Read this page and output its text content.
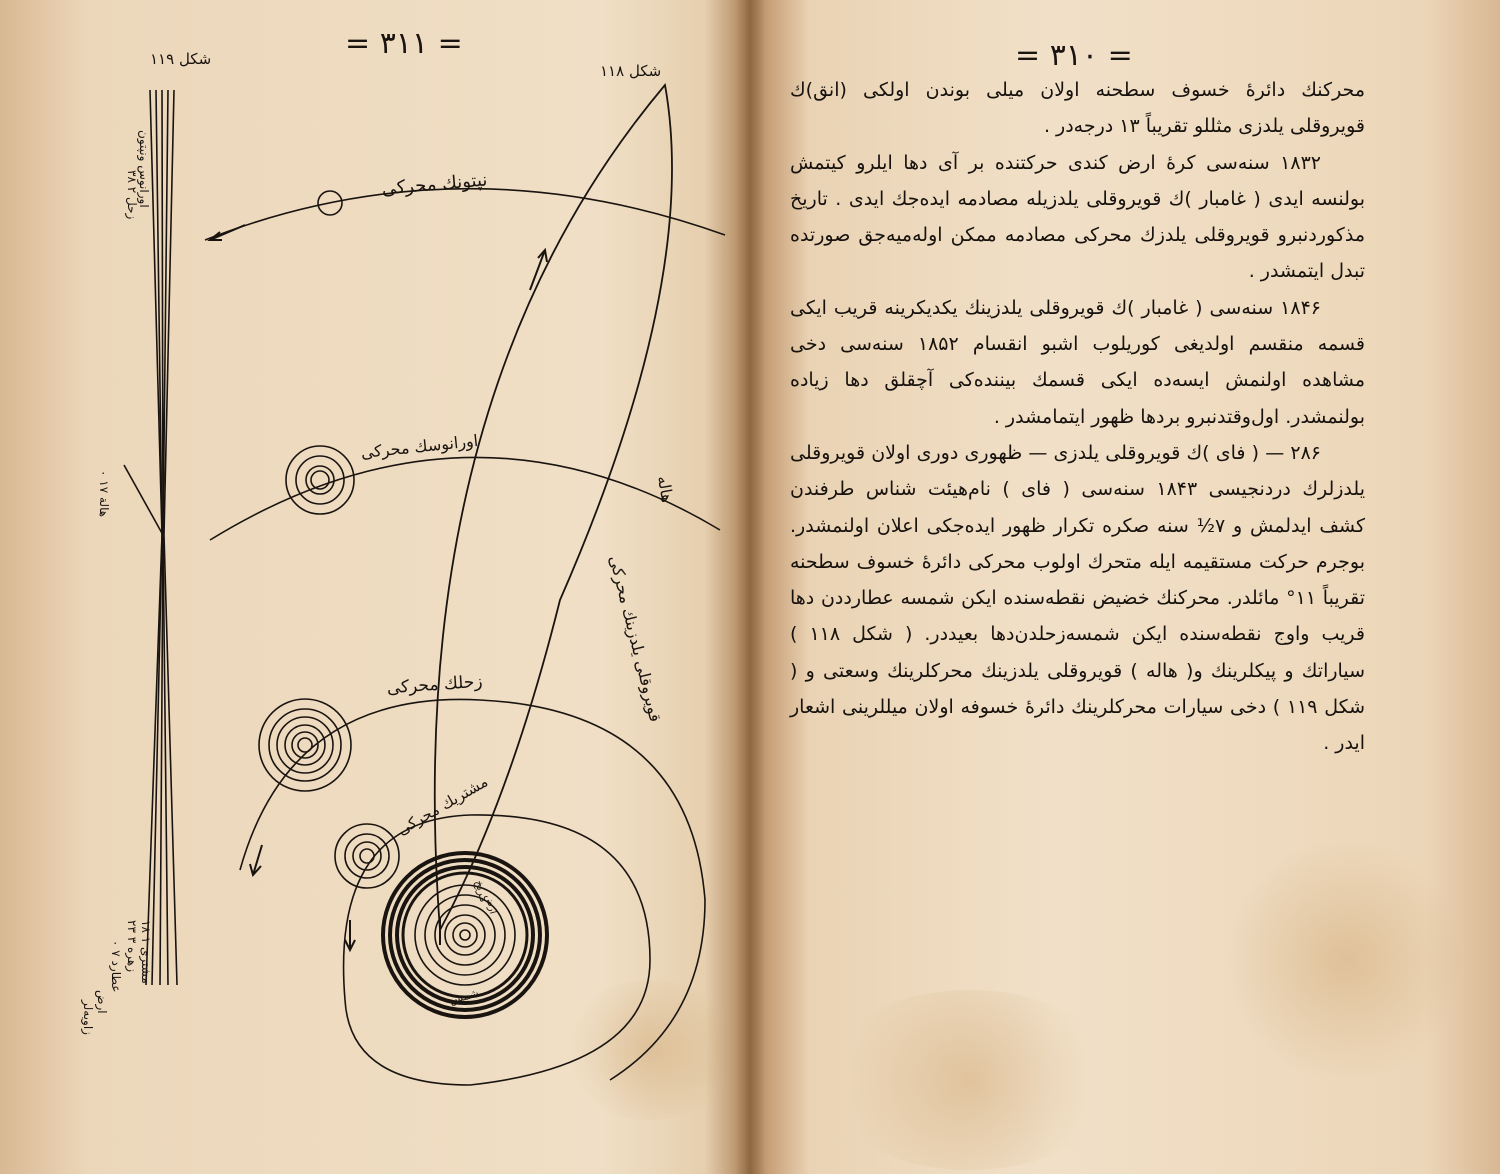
= ۳۱۱ =
شکل ۱۱۹
شکل ۱۱۸
نپتونك محرکی
اورانوسك محرکی
زحلك محرکی
مشتریك محرکی
مریخ
ارض
هاله
قویروقلی یلدزینك محرکی
شمس
اورانوس ونپتون
زحل ۲ ۳۸
هالة ۱۷ ۰
زهره ۳ ۲۳
عطارد ۷ ۰
مشتری ۱ ۱۸
ارض
زاویه‌لر
= ۳۱۰ =

محرکنك دائرۀ خسوف سطحنه اولان میلی بوندن اولکی (انق)ك قویروقلی یلدزی مثللو تقریباً ۱۳ درجه‌در .

۱۸۳۲ سنه‌سی کرۀ ارض کندی حرکتنده بر آی دها ایلرو کیتمش بولنسه ایدی ( غامبار )ك قویروقلی یلدزیله مصادمه ایده‌جك ایدی . تاریخ مذکوردنبرو قویروقلی یلدزك محرکی مصادمه ممکن اوله‌میه‌جق صورتده تبدل ایتمشدر .

۱۸۴۶ سنه‌سی ( غامبار )ك قویروقلی یلدزینك یکدیکرینه قریب ایکی قسمه منقسم اولدیغی کوریلوب اشبو انقسام ۱۸۵۲ سنه‌سی دخی مشاهده اولنمش ایسه‌ده ایکی قسمك بیننده‌کی آچقلق دها زیاده بولنمشدر. اول‌وقتدنبرو بردها ظهور ایتمامشدر .

۲۸۶ — ( فای )ك قویروقلی یلدزی — ظهوری دوری اولان قویروقلی یلدزلرك دردنجیسی ۱۸۴۳ سنه‌سی ( فای ) نام‌هیئت شناس طرفندن کشف ایدلمش و ۷½ سنه صکره تکرار ظهور ایده‌جکی اعلان اولنمشدر. بوجرم حرکت مستقیمه ایله متحرك اولوب محرکی دائرۀ خسوف سطحنه تقریباً ۱۱° مائلدر. محرکنك خضیض نقطه‌سنده ایکن شمسه عطارددن دها قریب واوج نقطه‌سنده ایکن شمسه‌زحلدن‌دها بعیددر. ( شکل ۱۱۸ ) سیاراتك و پیکلرینك و( هاله ) قویروقلی یلدزینك محرکلرینك وسعتی و ( شکل ۱۱۹ ) دخی سیارات محرکلرینك دائرۀ خسوفه اولان میللرینی اشعار ایدر .
